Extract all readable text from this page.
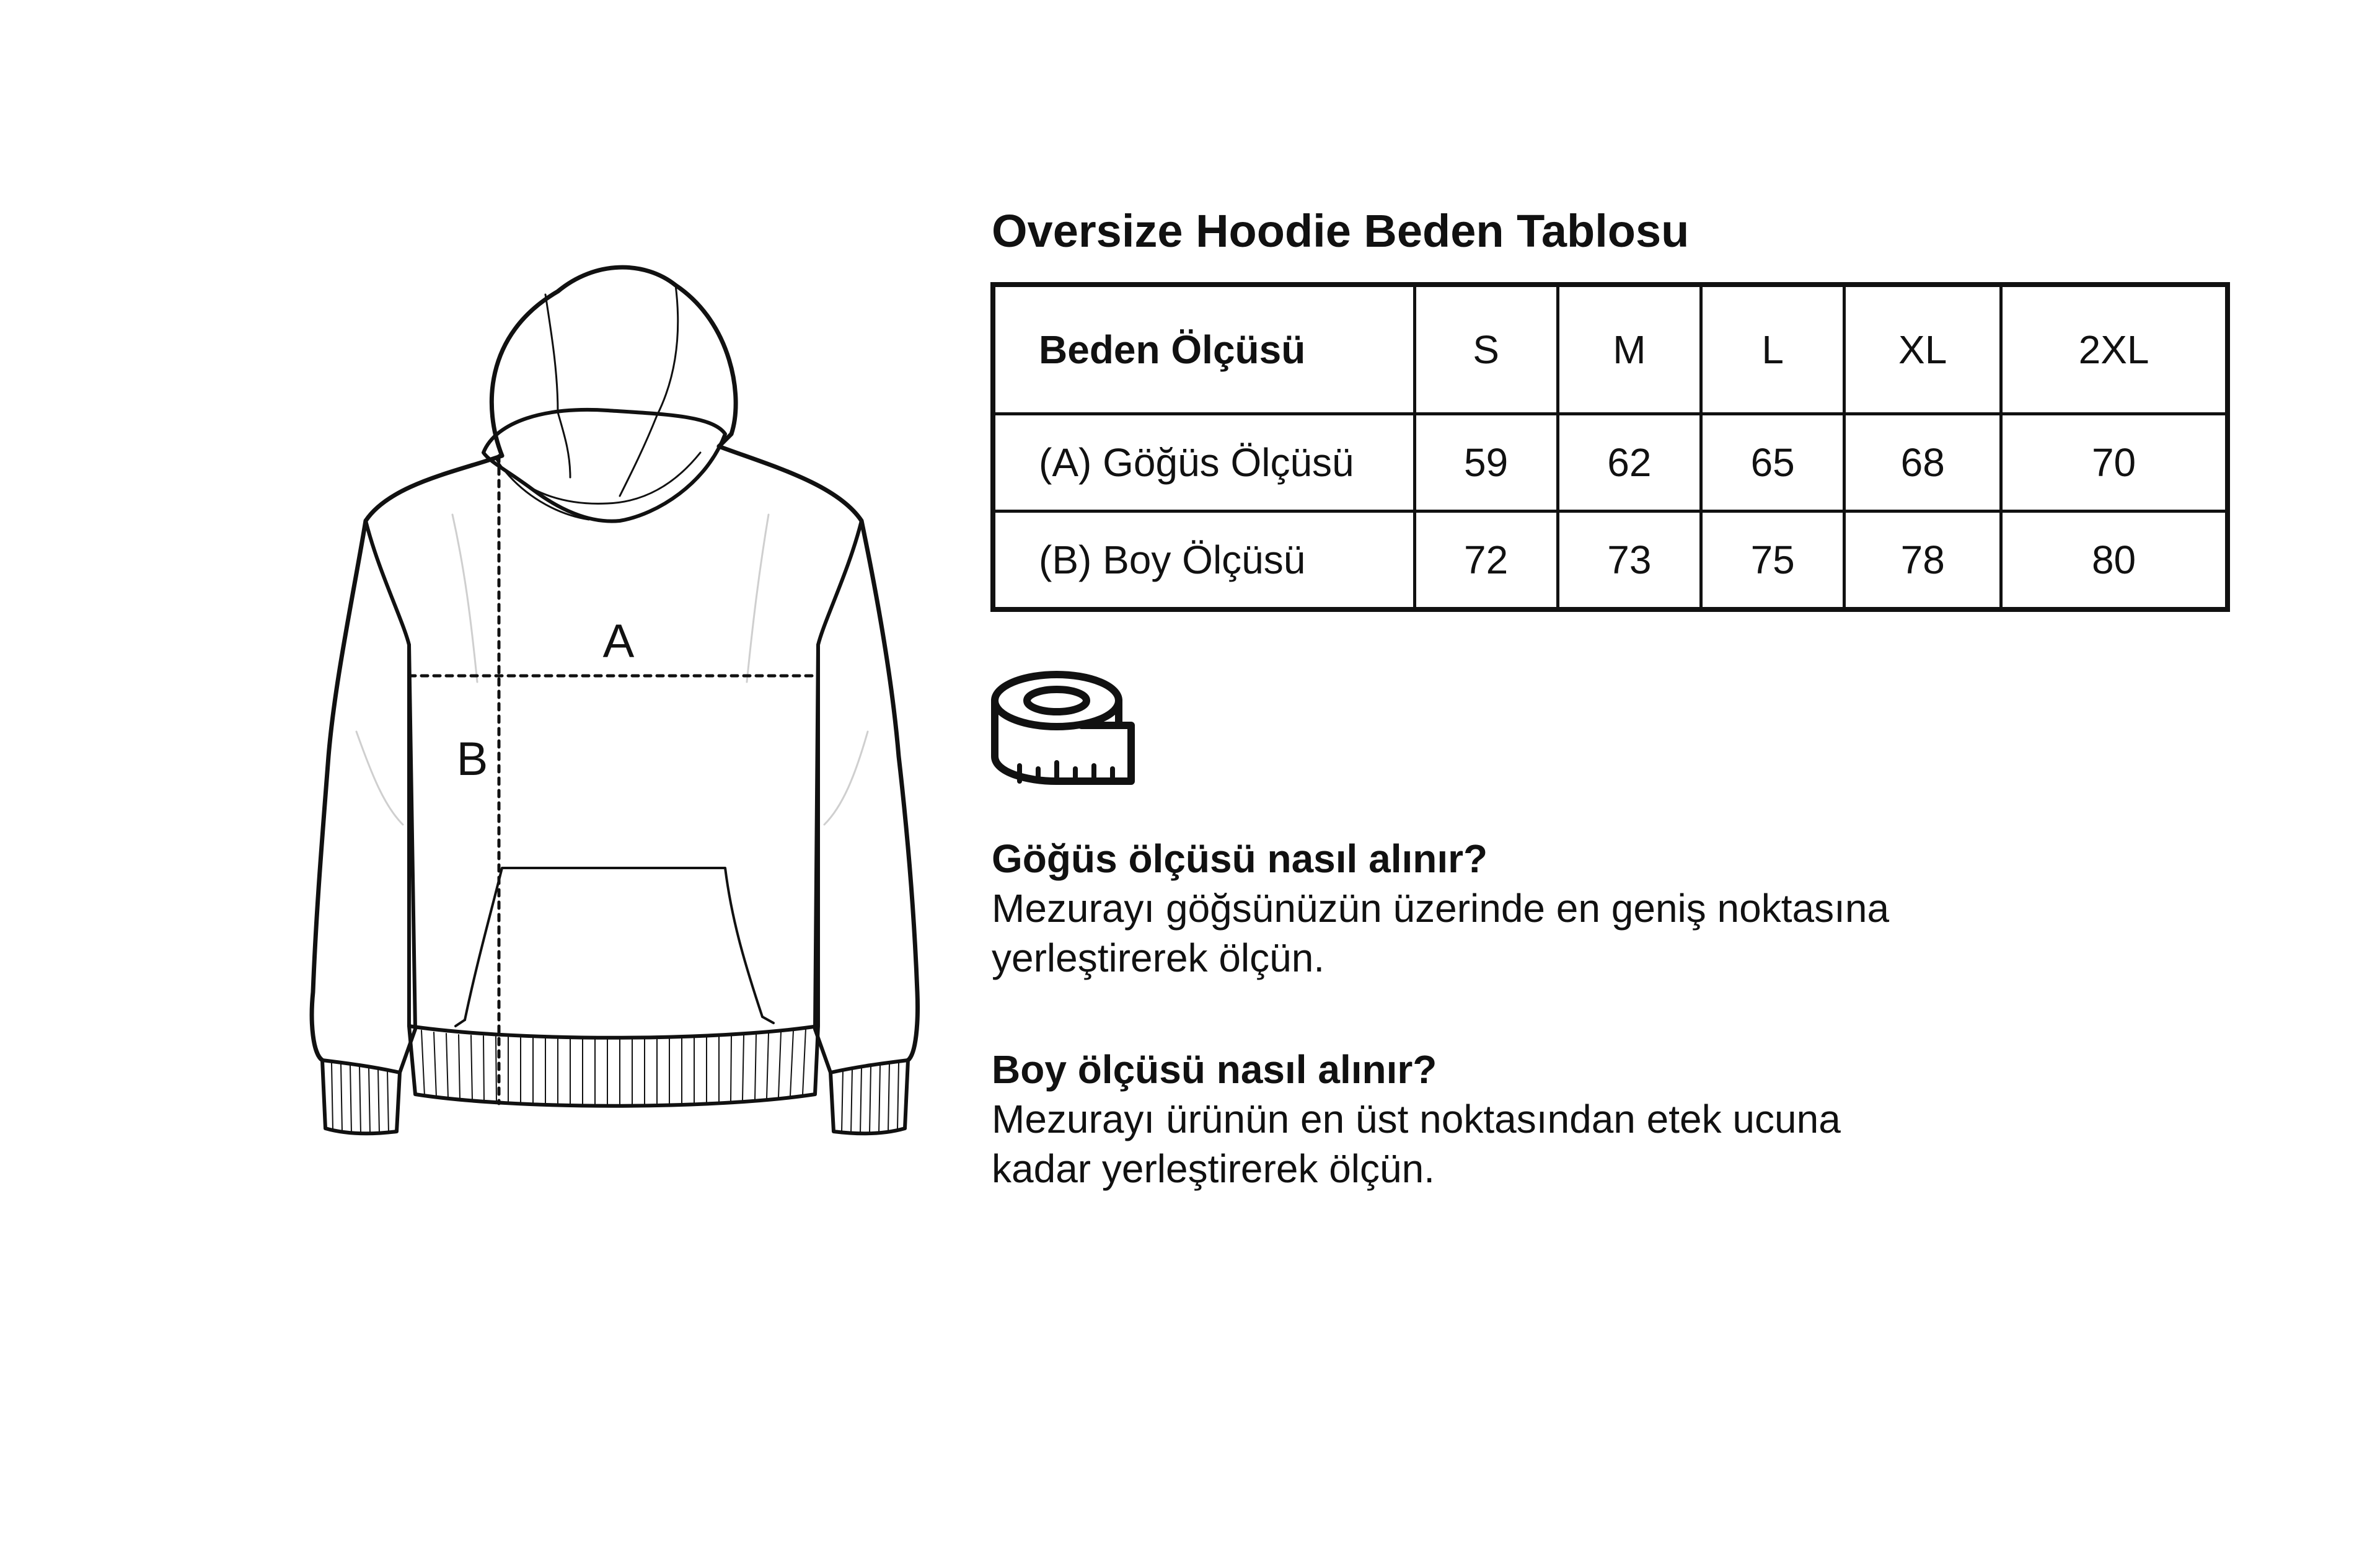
A
B
Oversize Hoodie Beden Tablosu
Beden Ölçüsü	S	M	L	XL	2XL
(A) Göğüs Ölçüsü	59	62	65	68	70
(B) Boy Ölçüsü	72	73	75	78	80
Göğüs ölçüsü nasıl alınır?
Mezurayı göğsünüzün üzerinde en geniş noktasına
yerleştirerek ölçün.
Boy ölçüsü nasıl alınır?
Mezurayı ürünün en üst noktasından etek ucuna
kadar yerleştirerek ölçün.
